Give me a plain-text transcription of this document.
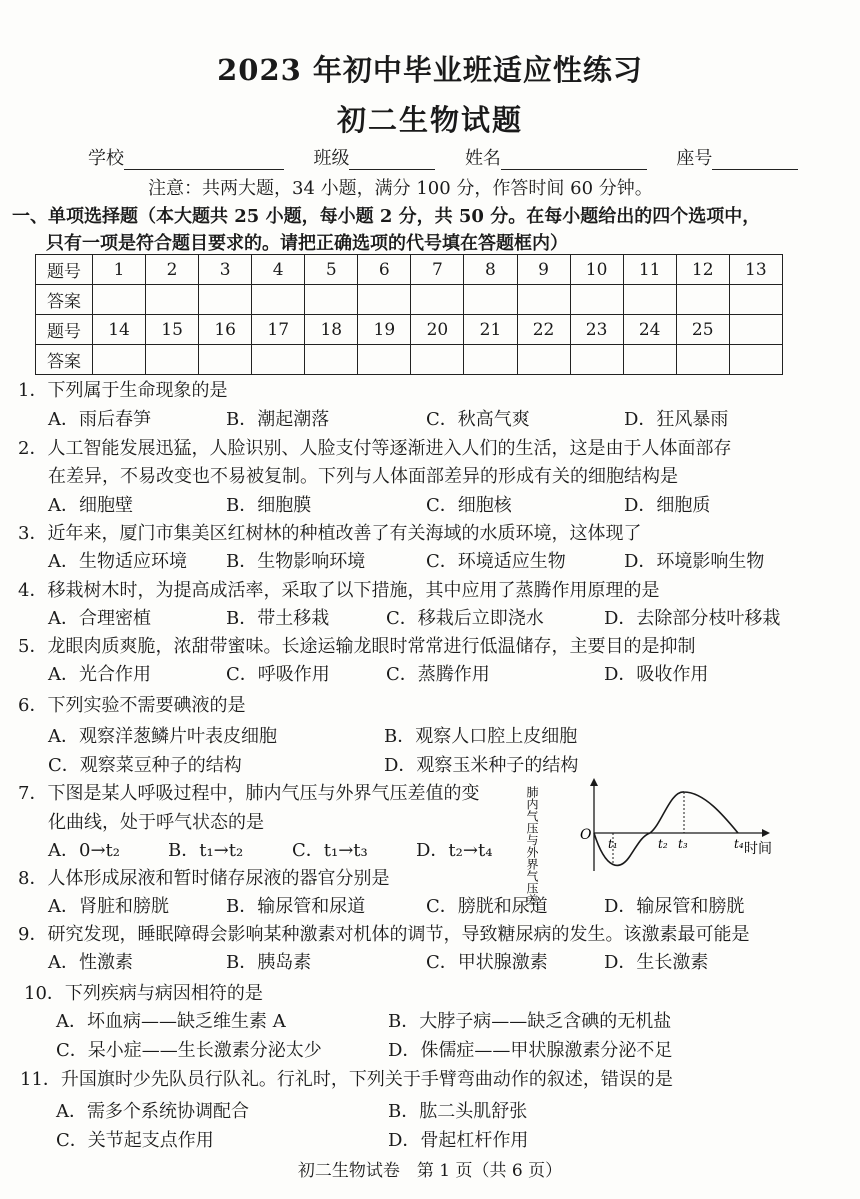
2023 年初中毕业班适应性练习
初二生物试题
学校	班级	姓名	座号
注意：共两大题，34 小题，满分 100 分，作答时间 60 分钟。
一、单项选择题（本大题共 25 小题，每小题 2 分，共 50 分。在每小题给出的四个选项中，
只有一项是符合题目要求的。请把正确选项的代号填在答题框内）
题号	1	2	3	4	5	6	7	8	9	10	11	12	13
答案													
题号	14	15	16	17	18	19	20	21	22	23	24	25	
答案													
1．下列属于生命现象的是
A．雨后春笋	B．潮起潮落	C．秋高气爽	D．狂风暴雨
2．人工智能发展迅猛，人脸识别、人脸支付等逐渐进入人们的生活，这是由于人体面部存
在差异，不易改变也不易被复制。下列与人体面部差异的形成有关的细胞结构是
A．细胞壁	B．细胞膜	C．细胞核	D．细胞质
3．近年来，厦门市集美区红树林的种植改善了有关海域的水质环境，这体现了
A．生物适应环境 B．生物影响环境	C．环境适应生物	D．环境影响生物
4．移栽树木时，为提高成活率，采取了以下措施，其中应用了蒸腾作用原理的是
A．合理密植	B．带土移栽	C．移栽后立即浇水	D．去除部分枝叶移栽
5．龙眼肉质爽脆，浓甜带蜜味。长途运输龙眼时常常进行低温储存，主要目的是抑制
A．光合作用	C．呼吸作用	C．蒸腾作用	D．吸收作用
6．下列实验不需要碘液的是
A．观察洋葱鳞片叶表皮细胞	B．观察人口腔上皮细胞
C．观察菜豆种子的结构	D．观察玉米种子的结构
7．下图是某人呼吸过程中，肺内气压与外界气压差值的变
化曲线，处于呼气状态的是
A．0→t₂	B．t₁→t₂	C．t₁→t₃	D．t₂→t₄	肺内气压与外界气压差	O
时间
t₁	t₂ t₃	t₄
8．人体形成尿液和暂时储存尿液的器官分别是
A．肾脏和膀胱	B．输尿管和尿道	C．膀胱和尿道	D．输尿管和膀胱
9．研究发现，睡眠障碍会影响某种激素对机体的调节，导致糖尿病的发生。该激素最可能是
A．性激素	B．胰岛素	C．甲状腺激素	D．生长激素
10．下列疾病与病因相符的是
A．坏血病——缺乏维生素 A	B．大脖子病——缺乏含碘的无机盐
C．呆小症——生长激素分泌太少	D．侏儒症——甲状腺激素分泌不足
11．升国旗时少先队员行队礼。行礼时，下列关于手臂弯曲动作的叙述，错误的是
A．需多个系统协调配合	B．肱二头肌舒张
C．关节起支点作用	D．骨起杠杆作用
初二生物试卷　第 1 页（共 6 页）
